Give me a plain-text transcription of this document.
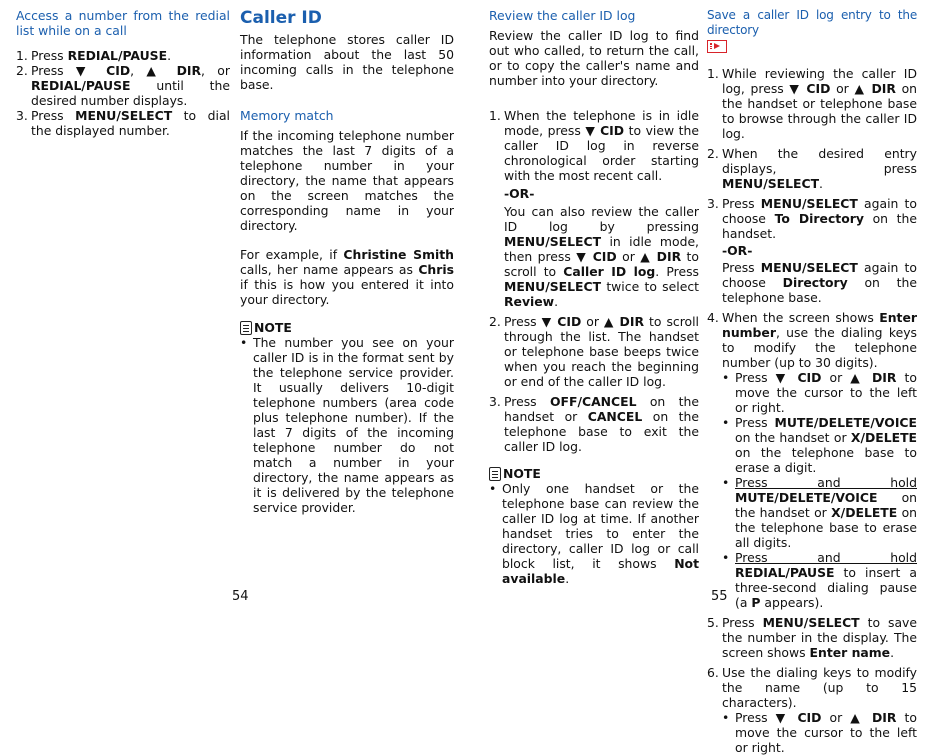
Access a number from the redial list while on a call

1. Press REDIAL/PAUSE.
2. Press ▼ CID, ▲ DIR, or REDIAL/PAUSE until the desired number displays.
3. Press MENU/SELECT to dial the displayed number.

Caller ID

The telephone stores caller ID information about the last 50 incoming calls in the telephone base.

Memory match

If the incoming telephone number matches the last 7 digits of a telephone number in your directory, the name that appears on the screen matches the corresponding name in your directory.

For example, if Christine Smith calls, her name appears as Chris if this is how you entered it into your directory.

NOTE
• The number you see on your caller ID is in the format sent by the telephone service provider. It usually delivers 10-digit telephone numbers (area code plus telephone number). If the last 7 digits of the incoming telephone number do not match a number in your directory, the name appears as it is delivered by the telephone service provider.
54

Review the caller ID log

Review the caller ID log to find out who called, to return the call, or to copy the caller's name and number into your directory.

1. When the telephone is in idle mode, press ▼ CID to view the caller ID log in reverse chronological order starting with the most recent call.

-OR-

You can also review the caller ID log by pressing MENU/SELECT in idle mode, then press ▼ CID or ▲ DIR to scroll to Caller ID log. Press MENU/SELECT twice to select Review.

2. Press ▼ CID or ▲ DIR to scroll through the list. The handset or telephone base beeps twice when you reach the beginning or end of the caller ID log.
3. Press OFF/CANCEL on the handset or CANCEL on the telephone base to exit the caller ID log.
NOTE
• Only one handset or the telephone base can review the caller ID log at time. If another handset tries to enter the directory, caller ID log or call block list, it shows Not available.

Save a caller ID log entry to the directory

1. While reviewing the caller ID log, press ▼ CID or ▲ DIR on the handset or telephone base to browse through the caller ID log.
2. When the desired entry displays, press MENU/SELECT.
3. Press MENU/SELECT again to choose To Directory on the handset.

-OR-

Press MENU/SELECT again to choose Directory on the telephone base.

4. When the screen shows Enter number, use the dialing keys to modify the telephone number (up to 30 digits).
• Press ▼ CID or ▲ DIR to move the cursor to the left or right.
• Press MUTE/DELETE/VOICE on the handset or X/DELETE on the telephone base to erase a digit.
• Press and hold MUTE/DELETE/VOICE on the handset or X/DELETE on the telephone base to erase all digits.
• Press and hold REDIAL/PAUSE to insert a three-second dialing pause (a P appears).
5. Press MENU/SELECT to save the number in the display. The screen shows Enter name.
6. Use the dialing keys to modify the name (up to 15 characters).
• Press ▼ CID or ▲ DIR to move the cursor to the left or right.
55
